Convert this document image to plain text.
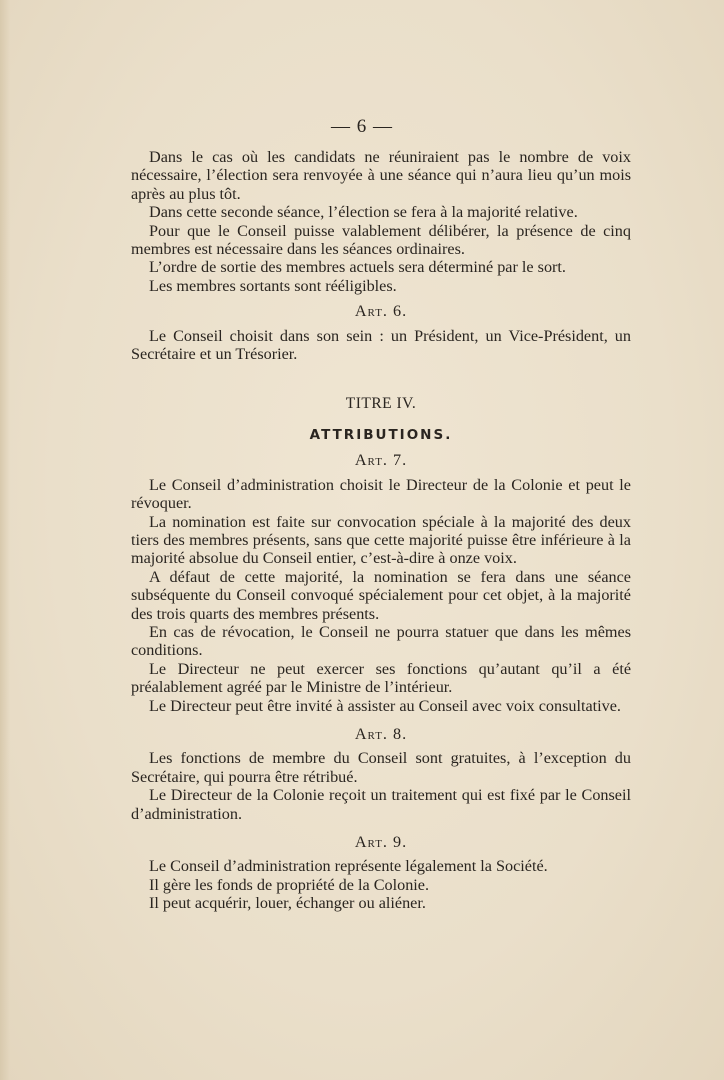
— 6 —

Dans le cas où les candidats ne réuniraient pas le nombre de voix nécessaire, l’élection sera renvoyée à une séance qui n’aura lieu qu’un mois après au plus tôt.

Dans cette seconde séance, l’élection se fera à la majorité relative.

Pour que le Conseil puisse valablement délibérer, la présence de cinq membres est nécessaire dans les séances ordinaires.

L’ordre de sortie des membres actuels sera déterminé par le sort.

Les membres sortants sont rééligibles.

Art. 6.

Le Conseil choisit dans son sein : un Président, un Vice-Président, un Secrétaire et un Trésorier.

TITRE IV.
ATTRIBUTIONS.
Art. 7.

Le Conseil d’administration choisit le Directeur de la Colonie et peut le révoquer.

La nomination est faite sur convocation spéciale à la majorité des deux tiers des membres présents, sans que cette majorité puisse être inférieure à la majorité absolue du Conseil entier, c’est-à-dire à onze voix.

A défaut de cette majorité, la nomination se fera dans une séance subséquente du Conseil convoqué spécialement pour cet objet, à la majorité des trois quarts des membres présents.

En cas de révocation, le Conseil ne pourra statuer que dans les mêmes conditions.

Le Directeur ne peut exercer ses fonctions qu’autant qu’il a été préalablement agréé par le Ministre de l’intérieur.

Le Directeur peut être invité à assister au Conseil avec voix consultative.

Art. 8.

Les fonctions de membre du Conseil sont gratuites, à l’exception du Secrétaire, qui pourra être rétribué.

Le Directeur de la Colonie reçoit un traitement qui est fixé par le Conseil d’administration.

Art. 9.

Le Conseil d’administration représente légalement la Société.

Il gère les fonds de propriété de la Colonie.

Il peut acquérir, louer, échanger ou aliéner.
